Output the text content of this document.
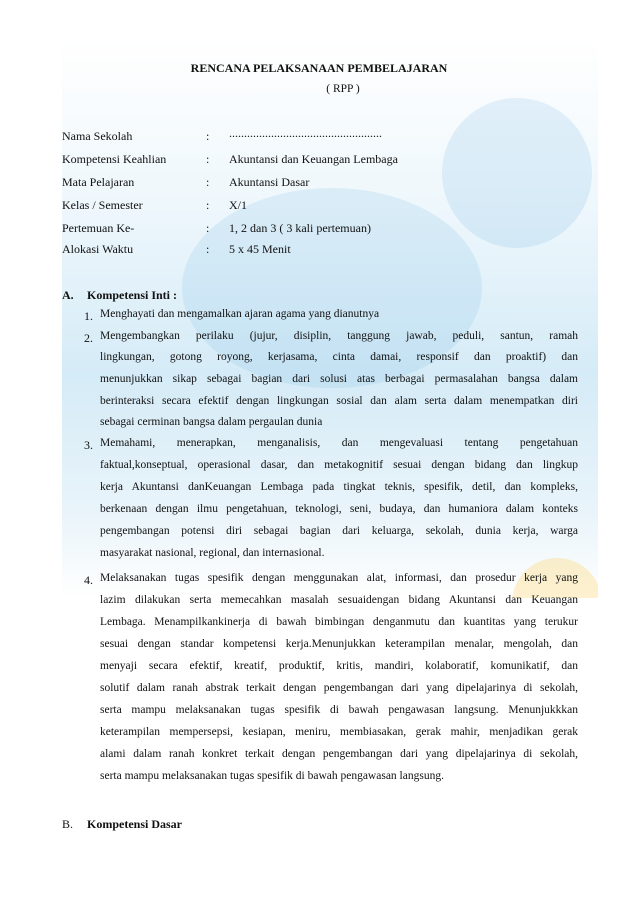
RENCANA PELAKSANAAN PEMBELAJARAN
( RPP )
Nama Sekolah	: ...................................................
Kompetensi Keahlian	: Akuntansi dan Keuangan Lembaga
Mata Pelajaran	: Akuntansi Dasar
Kelas / Semester	: X/1
Pertemuan Ke-	: 1, 2 dan 3 ( 3 kali pertemuan)
Alokasi Waktu	: 5 x 45 Menit
A. Kompetensi Inti :
1. Menghayati dan mengamalkan ajaran agama yang dianutnya
2. Mengembangkan perilaku (jujur, disiplin, tanggung jawab, peduli, santun, ramah
lingkungan, gotong royong, kerjasama, cinta damai, responsif dan proaktif) dan
menunjukkan sikap sebagai bagian dari solusi atas berbagai permasalahan bangsa dalam
berinteraksi secara efektif dengan lingkungan sosial dan alam serta dalam menempatkan diri
sebagai cerminan bangsa dalam pergaulan dunia
3. Memahami, menerapkan, menganalisis, dan mengevaluasi tentang pengetahuan
faktual,konseptual, operasional dasar, dan metakognitif sesuai dengan bidang dan lingkup
kerja Akuntansi danKeuangan Lembaga pada tingkat teknis, spesifik, detil, dan kompleks,
berkenaan dengan ilmu pengetahuan, teknologi, seni, budaya, dan humaniora dalam konteks
pengembangan potensi diri sebagai bagian dari keluarga, sekolah, dunia kerja, warga
masyarakat nasional, regional, dan internasional.
4. Melaksanakan tugas spesifik dengan menggunakan alat, informasi, dan prosedur kerja yang
lazim dilakukan serta memecahkan masalah sesuaidengan bidang Akuntansi dan Keuangan
Lembaga. Menampilkankinerja di bawah bimbingan denganmutu dan kuantitas yang terukur
sesuai dengan standar kompetensi kerja.Menunjukkan keterampilan menalar, mengolah, dan
menyaji secara efektif, kreatif, produktif, kritis, mandiri, kolaboratif, komunikatif, dan
solutif dalam ranah abstrak terkait dengan pengembangan dari yang dipelajarinya di sekolah,
serta mampu melaksanakan tugas spesifik di bawah pengawasan langsung. Menunjukkkan
keterampilan mempersepsi, kesiapan, meniru, membiasakan, gerak mahir, menjadikan gerak
alami dalam ranah konkret terkait dengan pengembangan dari yang dipelajarinya di sekolah,
serta mampu melaksanakan tugas spesifik di bawah pengawasan langsung.
B. Kompetensi Dasar
